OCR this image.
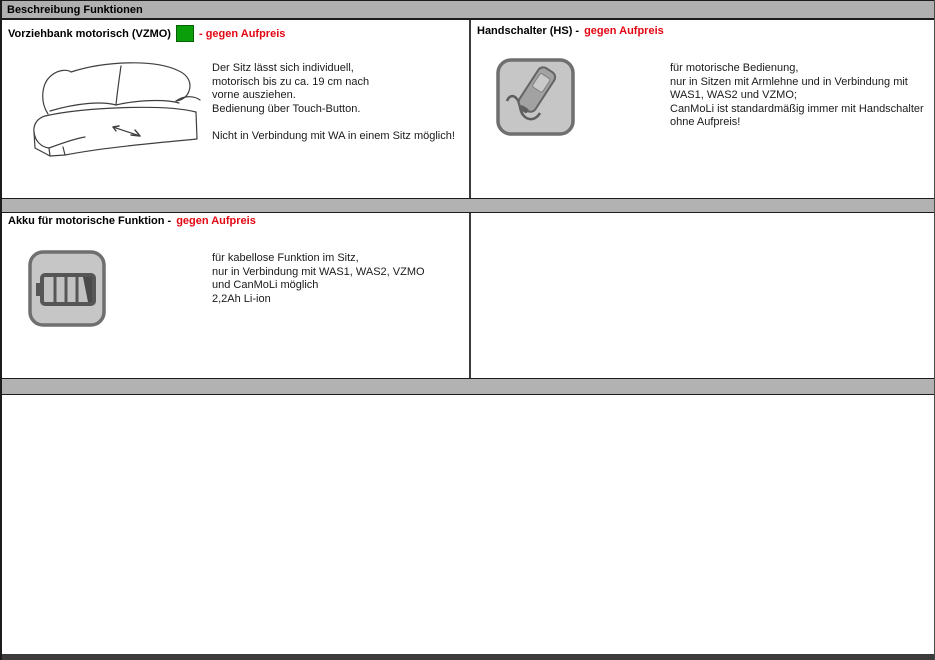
Beschreibung Funktionen
Vorziehbank motorisch (VZMO)	- gegen Aufpreis
Der Sitz lässt sich individuell,
motorisch bis zu ca. 19 cm nach
vorne ausziehen.
Bedienung über Touch-Button.
Nicht in Verbindung mit WA in einem Sitz möglich!
Handschalter (HS) - gegen Aufpreis
für motorische Bedienung,
nur in Sitzen mit Armlehne und in Verbindung mit
WAS1, WAS2 und VZMO;
CanMoLi ist standardmäßig immer mit Handschalter
ohne Aufpreis!
Akku für motorische Funktion - gegen Aufpreis
für kabellose Funktion im Sitz,
nur in Verbindung mit WAS1, WAS2, VZMO
und CanMoLi möglich
2,2Ah Li-ion
